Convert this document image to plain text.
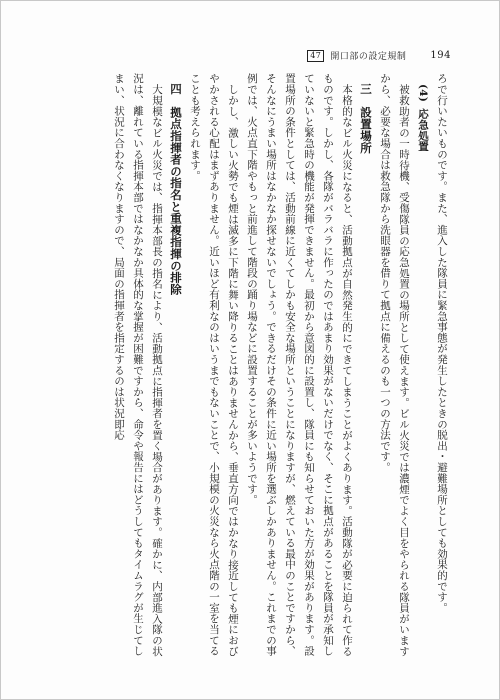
47	開口部の設定規制 194

ろで行いたいものです。また、進入した隊員に緊急事態が発生したときの脱出・避難場所としても効果的です。

(4)応急処置

被救助者の一時待機、受傷隊員の応急処置の場所として使えます。ビル火災では濃煙でよく目をやられる隊員がいますから、必要な場合は救急隊から洗眼器を借りて拠点に備えるのも一つの方法です。

三設置場所

本格的なビル火災になると、活動拠点が自然発生的にできてしまうことがよくあります。活動隊が必要に迫られて作るものです。しかし、各隊がバラバラに作ったのではあまり効果がないだけでなく、そこに拠点があることを隊員が承知していないと緊急時の機能が発揮できません。最初から意図的に設置し、隊員にも知らせておいた方が効果があります。設置場所の条件としては、活動前線に近くてしかも安全な場所ということになりますが、燃えている最中のことですから、そんなにうまい場所はなかなか探せないでしょう。できるだけその条件に近い場所を選ぶしかありません。これまでの事例では、火点直下階やもっと前進して階段の踊り場などに設置することが多いようです。

しかし、激しい火勢でも煙は滅多に下階に舞い降りることはありませんから、垂直方向ではかなり接近しても煙におびやかされる心配はまずありません。近いほど有利なのはいうまでもないことで、小規模の火災なら火点階の一室を当てることも考えられます。

四拠点指揮者の指名と重複指揮の排除

大規模なビル火災では、指揮本部長の指名により、活動拠点に指揮者を置く場合があります。確かに、内部進入隊の状況は、離れている指揮本部ではなかなか具体的な掌握が困難ですから、命令や報告にはどうしてもタイムラグが生じてしまい、状況に合わなくなりますので、局面の指揮者を指定するのは状況即応
